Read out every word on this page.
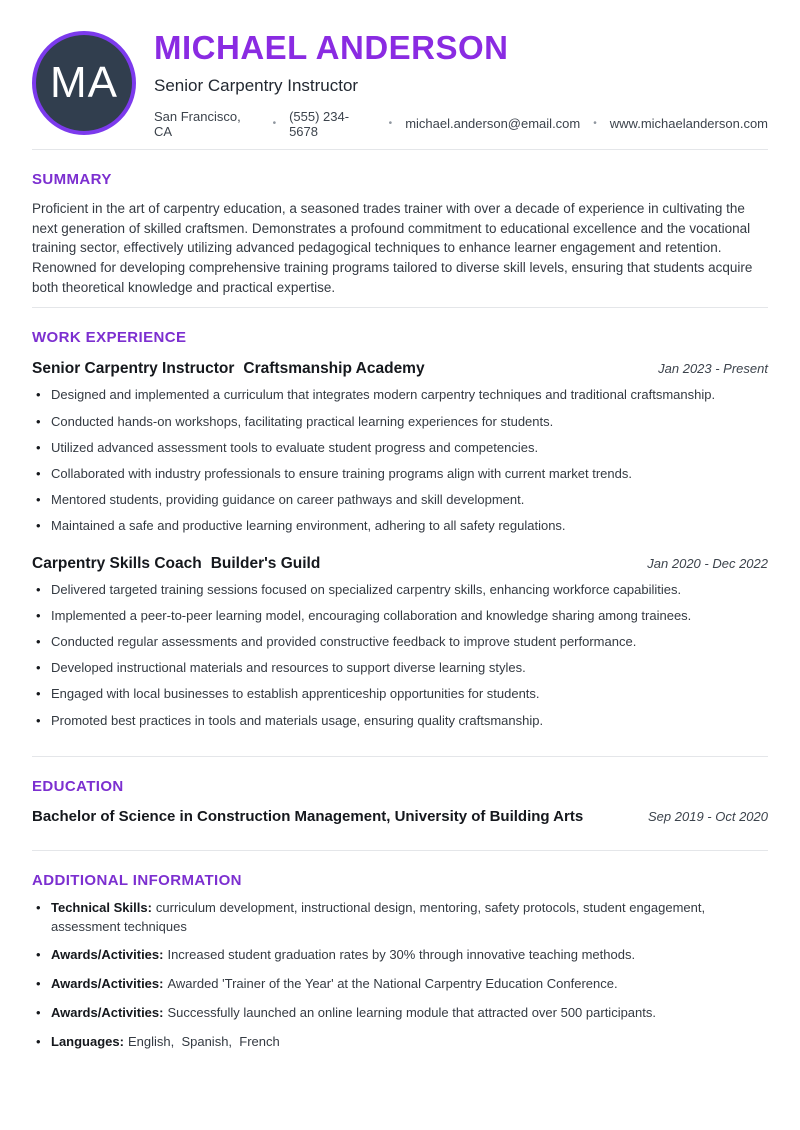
MA
MICHAEL ANDERSON
Senior Carpentry Instructor
San Francisco, CA	• (555) 234-5678	• michael.anderson@email.com • www.michaelanderson.com
SUMMARY

Proficient in the art of carpentry education, a seasoned trades trainer with over a decade of experience in cultivating the next generation of skilled craftsmen. Demonstrates a profound commitment to educational excellence and the vocational training sector, effectively utilizing advanced pedagogical techniques to enhance learner engagement and retention. Renowned for developing comprehensive training programs tailored to diverse skill levels, ensuring that students acquire both theoretical knowledge and practical expertise.

WORK EXPERIENCE
Senior Carpentry Instructor Craftsmanship Academy	Jan 2023 - Present
• Designed and implemented a curriculum that integrates modern carpentry techniques and traditional craftsmanship.
• Conducted hands-on workshops, facilitating practical learning experiences for students.
• Utilized advanced assessment tools to evaluate student progress and competencies.
• Collaborated with industry professionals to ensure training programs align with current market trends.
• Mentored students, providing guidance on career pathways and skill development.
• Maintained a safe and productive learning environment, adhering to all safety regulations.
Carpentry Skills Coach Builder's Guild	Jan 2020 - Dec 2022
• Delivered targeted training sessions focused on specialized carpentry skills, enhancing workforce capabilities.
• Implemented a peer-to-peer learning model, encouraging collaboration and knowledge sharing among trainees.
• Conducted regular assessments and provided constructive feedback to improve student performance.
• Developed instructional materials and resources to support diverse learning styles.
• Engaged with local businesses to establish apprenticeship opportunities for students.
• Promoted best practices in tools and materials usage, ensuring quality craftsmanship.
EDUCATION
Bachelor of Science in Construction Management, University of Building Arts	Sep 2019 - Oct 2020
ADDITIONAL INFORMATION
• Technical Skills: curriculum development, instructional design, mentoring, safety protocols, student engagement, assessment techniques
• Awards/Activities: Increased student graduation rates by 30% through innovative teaching methods.
• Awards/Activities: Awarded 'Trainer of the Year' at the National Carpentry Education Conference.
• Awards/Activities: Successfully launched an online learning module that attracted over 500 participants.
• Languages: English,  Spanish,  French
